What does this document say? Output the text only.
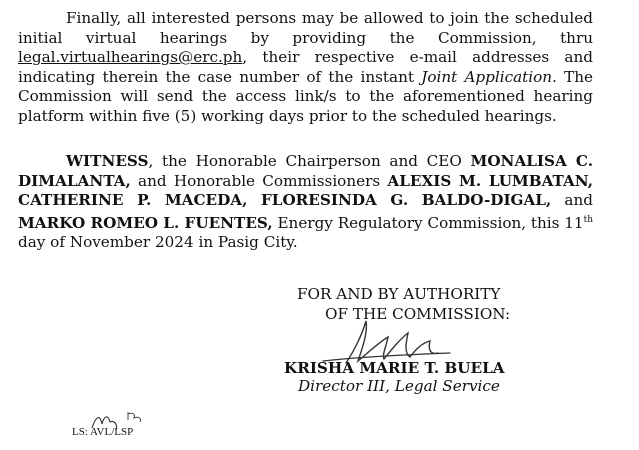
Finally, all interested persons may be allowed to join the scheduled initial virtual hearings by providing the Commission, thru legal.virtualhearings@erc.ph, their respective e-mail addresses and indicating therein the case number of the instant Joint Application. The Commission will send the access link/s to the aforementioned hearing platform within five (5) working days prior to the scheduled hearings.

WITNESS, the Honorable Chairperson and CEO MONALISA C. DIMALANTA, and Honorable Commissioners ALEXIS M. LUMBATAN, CATHERINE P. MACEDA, FLORESINDA G. BALDO-DIGAL, and MARKO ROMEO L. FUENTES, Energy Regulatory Commission, this 11th day of November 2024 in Pasig City.

FOR AND BY AUTHORITY
OF THE COMMISSION:

KRISHA MARIE T. BUELA

Director III, Legal Service

LS: AVL/LSP
